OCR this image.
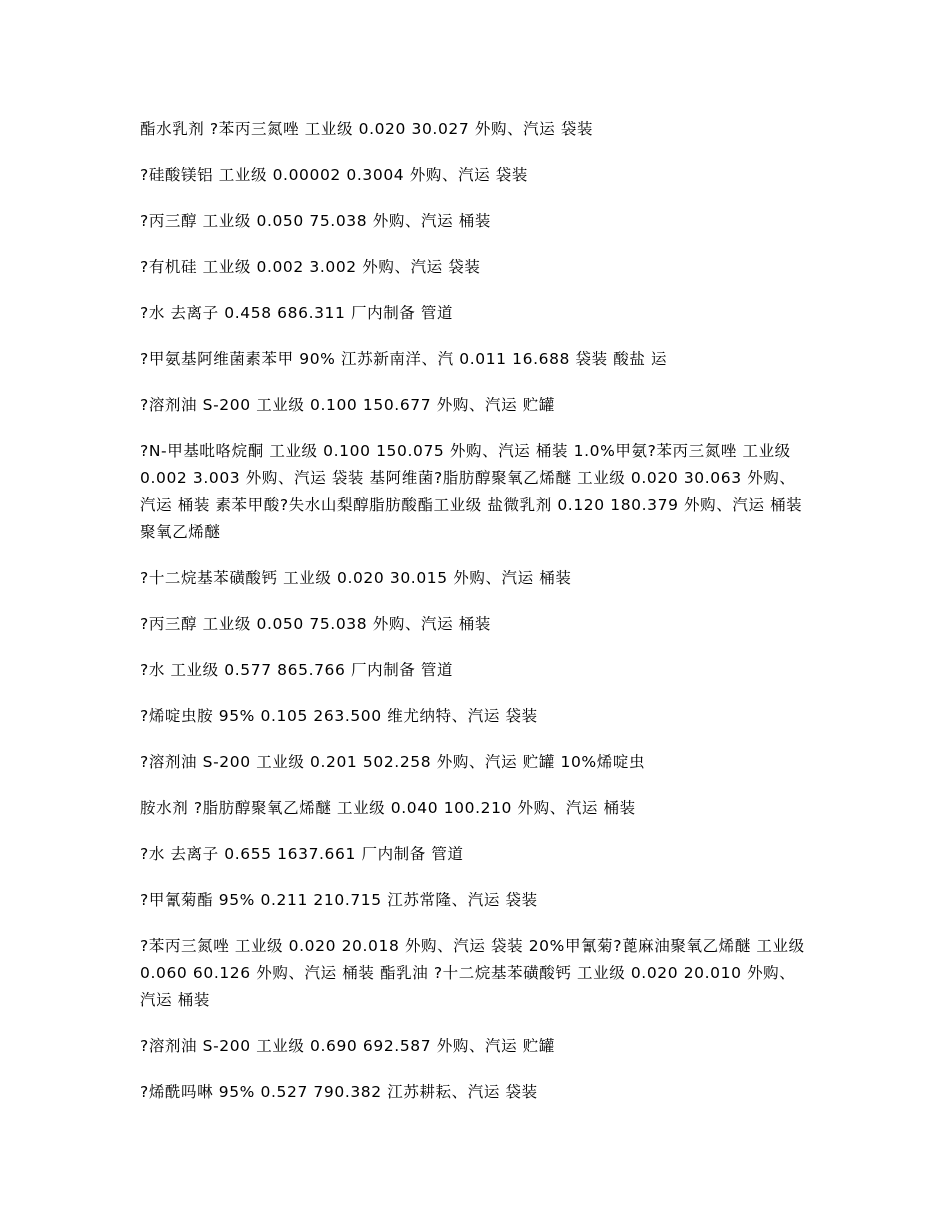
酯水乳剂 ?苯丙三氮唑 工业级 0.020 30.027 外购、汽运 袋装

?硅酸镁铝 工业级 0.00002 0.3004 外购、汽运 袋装

?丙三醇 工业级 0.050 75.038 外购、汽运 桶装

?有机硅 工业级 0.002 3.002 外购、汽运 袋装

?水 去离子 0.458 686.311 厂内制备 管道

?甲氨基阿维菌素苯甲 90% 江苏新南洋、汽 0.011 16.688 袋装 酸盐 运

?溶剂油 S-200 工业级 0.100 150.677 外购、汽运 贮罐

?N-甲基吡咯烷酮 工业级 0.100 150.075 外购、汽运 桶装 1.0%甲氨?苯丙三氮唑 工业级 0.002 3.003 外购、汽运 袋装 基阿维菌?脂肪醇聚氧乙烯醚 工业级 0.020 30.063 外购、汽运 桶装 素苯甲酸?失水山梨醇脂肪酸酯工业级 盐微乳剂 0.120 180.379 外购、汽运 桶装 聚氧乙烯醚

?十二烷基苯磺酸钙 工业级 0.020 30.015 外购、汽运 桶装

?丙三醇 工业级 0.050 75.038 外购、汽运 桶装

?水 工业级 0.577 865.766 厂内制备 管道

?烯啶虫胺 95% 0.105 263.500 维尤纳特、汽运 袋装

?溶剂油 S-200 工业级 0.201 502.258 外购、汽运 贮罐 10%烯啶虫

胺水剂 ?脂肪醇聚氧乙烯醚 工业级 0.040 100.210 外购、汽运 桶装

?水 去离子 0.655 1637.661 厂内制备 管道

?甲氰菊酯 95% 0.211 210.715 江苏常隆、汽运 袋装

?苯丙三氮唑 工业级 0.020 20.018 外购、汽运 袋装 20%甲氰菊?蓖麻油聚氧乙烯醚 工业级 0.060 60.126 外购、汽运 桶装 酯乳油 ?十二烷基苯磺酸钙 工业级 0.020 20.010 外购、汽运 桶装

?溶剂油 S-200 工业级 0.690 692.587 外购、汽运 贮罐

?烯酰吗啉 95% 0.527 790.382 江苏耕耘、汽运 袋装
